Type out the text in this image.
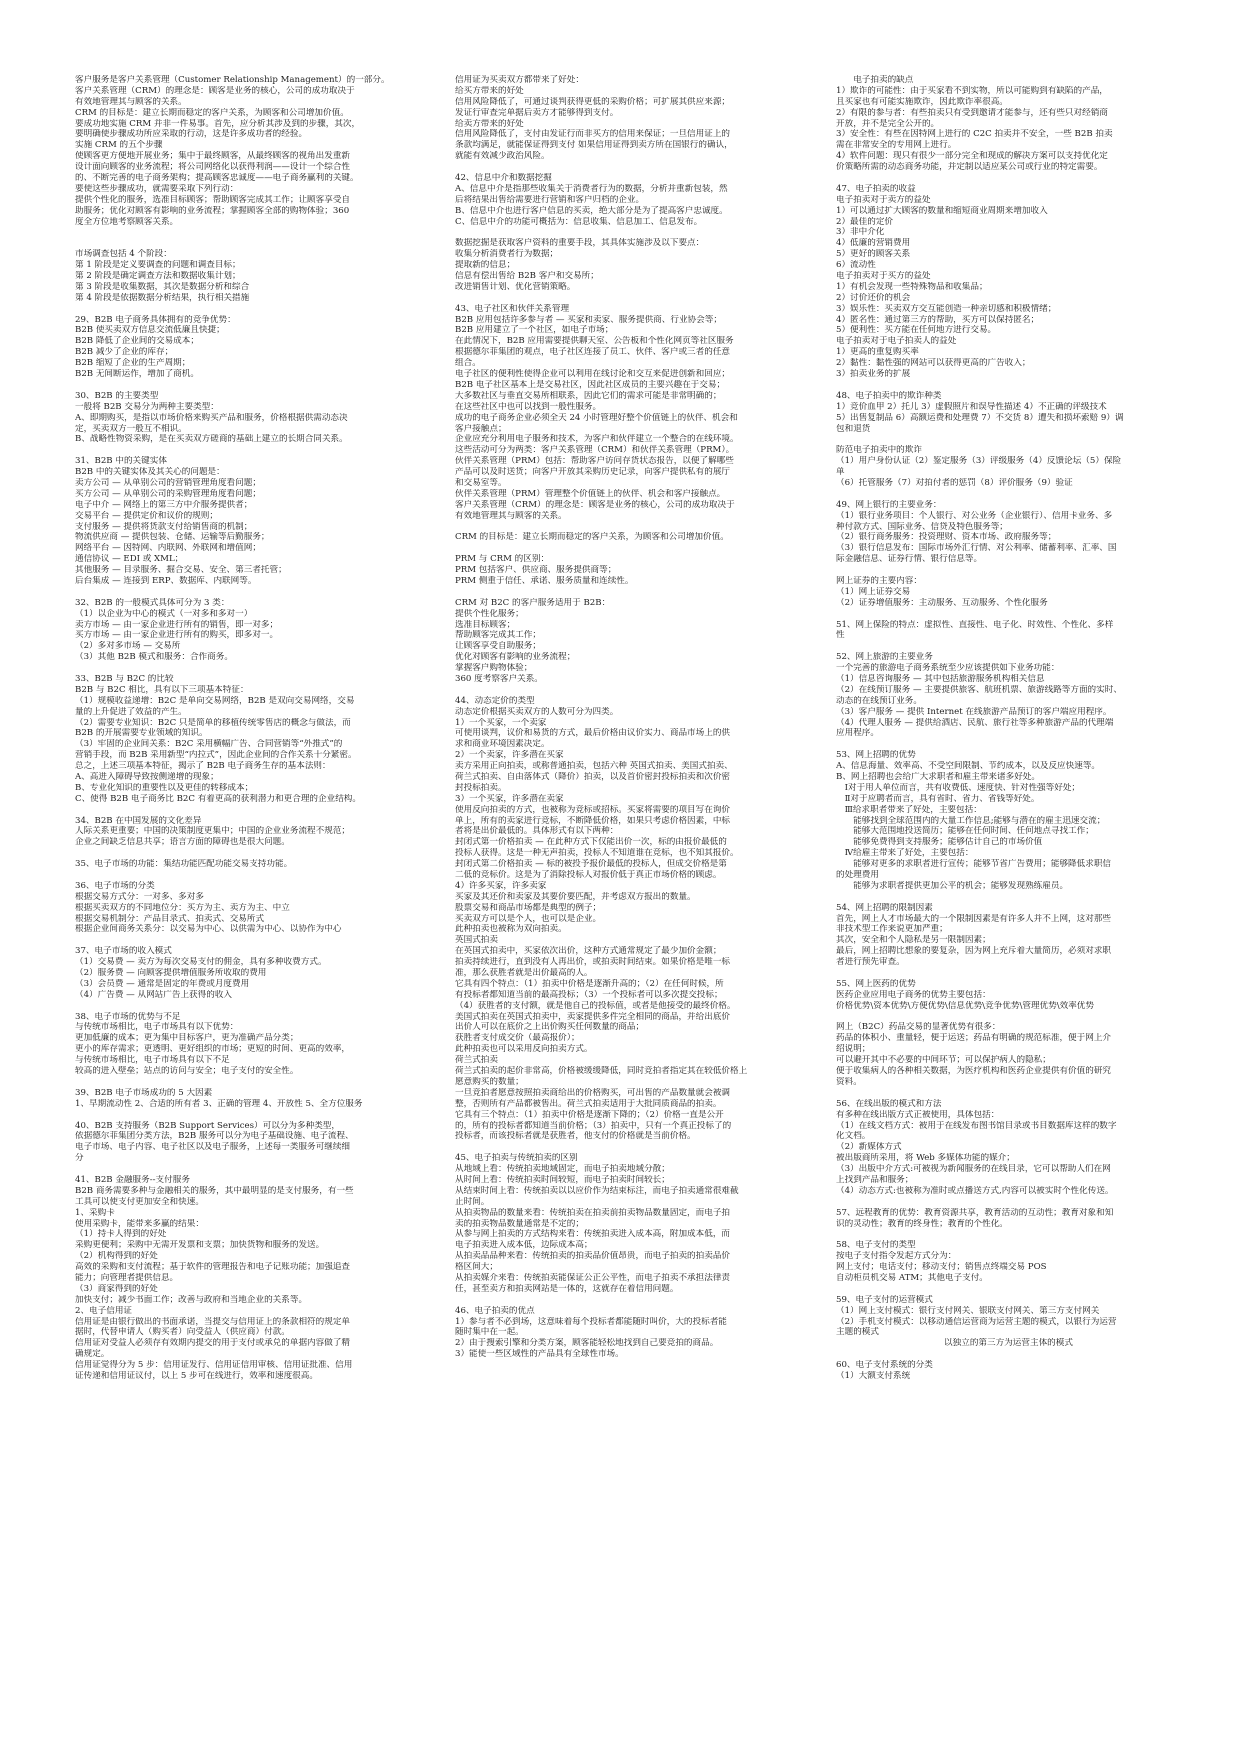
客户服务是客户关系管理（Customer Relationship Management）的一部分。
客户关系管理（CRM）的理念是：顾客是业务的核心，公司的成功取决于
有效地管理其与顾客的关系。
CRM 的目标是：建立长期而稳定的客户关系，为顾客和公司增加价值。
要成功地实施 CRM 并非一件易事。首先，应分析其涉及到的步骤，其次，
要明确使步骤成功所应采取的行动，这是许多成功者的经验。
实施 CRM 的五个步骤
使顾客更方便地开展业务；集中于最终顾客，从最终顾客的视角出发重新
设计面向顾客的业务流程；将公司网络化以获得利润——设计一个综合性
的、不断完善的电子商务架构；提高顾客忠诚度——电子商务赢利的关键。
要使这些步骤成功，就需要采取下列行动：
提供个性化的服务，选准目标顾客；帮助顾客完成其工作；让顾客享受自
助服务；优化对顾客有影响的业务流程；掌握顾客全部的购物体验；360
度全方位地考察顾客关系。
市场调查包括 4 个阶段：
第 1 阶段是定义要调查的问题和调查目标；
第 2 阶段是确定调查方法和数据收集计划；
第 3 阶段是收集数据，其次是数据分析和综合
第 4 阶段是依据数据分析结果，执行相关措施
29、B2B 电子商务具体拥有的竞争优势：
B2B 使买卖双方信息交流低廉且快捷；
B2B 降低了企业间的交易成本；
B2B 减少了企业的库存；
B2B 缩短了企业的生产周期；
B2B 无间断运作，增加了商机。
30、B2B 的主要类型
一般将 B2B 交易分为两种主要类型：
A、即期购买，是指以市场价格来购买产品和服务，价格根据供需动态决
定，买卖双方一般互不相识。
B、战略性物资采购，是在买卖双方磋商的基础上建立的长期合同关系。
31、B2B 中的关键实体
B2B 中的关键实体及其关心的问题是：
卖方公司 — 从单别公司的营销管理角度看问题；
买方公司 — 从单别公司的采购管理角度看问题；
电子中介 — 网络上的第三方中介服务提供者；
交易平台 — 提供定价和议价的规则；
支付服务 — 提供将货款支付给销售商的机制；
物流供应商 — 提供包装、仓储、运输等后勤服务；
网络平台 — 因特网、内联网、外联网和增值网；
通信协议 — EDI 或 XML；
其他服务 — 目录服务、掘合交易、安全、第三者托管；
后台集成 — 连接到 ERP、数据库、内联网等。
32、B2B 的一般模式具体可分为 3 类：
（1）以企业为中心的模式（一对多和多对一）
卖方市场 — 由一家企业进行所有的销售，即一对多；
买方市场 — 由一家企业进行所有的购买，即多对一。
（2）多对多市场 — 交易所
（3）其他 B2B 模式和服务：合作商务。
33、B2B 与 B2C 的比较
B2B 与 B2C 相比，具有以下三项基本特征：
（1）规模收益递增：B2C 是单向交易网络，B2B 是双向交易网络，交易
量的上升促进了效益的产生。
（2）需要专业知识：B2C 只是简单的移植传统零售店的概念与做法，而
B2B 的开展需要专业领域的知识。
（3）牢固的企业间关系：B2C 采用横幅广告、合同营销等“外推式”的
营销手段，而 B2B 采用新型“内拉式”，因此企业间的合作关系十分紧密。
总之，上述三项基本特征，揭示了 B2B 电子商务生存的基本法则：
A、高进入障碍导致按侧递增的现象；
B、专业化知识的重要性以及更佳的转移成本；
C、使得 B2B 电子商务比 B2C 有着更高的获利潜力和更合理的企业结构。
34、B2B 在中国发展的文化差异
人际关系更重要；中国的决策制度更集中；中国的企业业务流程不规范；
企业之间缺乏信息共享；语言方面的障碍也是很大问题。
35、电子市场的功能：集结功能匹配功能交易支持功能。
36、电子市场的分类
根据交易方式分：一对多、多对多
根据买卖双方的不同地位分：买方为主、卖方为主、中立
根据交易机制分：产品目录式、拍卖式、交易所式
根据企业间商务关系分：以交易为中心、以供需为中心、以协作为中心
37、电子市场的收入模式
（1）交易费 — 卖方为每次交易支付的佣金，具有多种收费方式。
（2）服务费 — 向顾客提供增值服务所收取的费用
（3）会员费 — 通常是固定的年费或月度费用
（4）广告费 — 从网站广告上获得的收入
38、电子市场的优势与不足
与传统市场相比，电子市场具有以下优势：
更加低廉的成本；更为集中目标客户，更为准确产品分类；
更小的库存需求；更透明、更好组织的市场；更短的时间、更高的效率，
与传统市场相比，电子市场具有以下不足
较高的进入壁垒；站点的访问与安全；电子支付的安全性。
39、B2B 电子市场成功的 5 大因素
1、早期流动性 2、合适的所有者 3、正确的管理 4、开放性 5、全方位服务
40、B2B 支持服务（B2B Support Services）可以分为多种类型，
依据德尔菲集团分类方法，B2B 服务可以分为电子基础设施、电子流程、
电子市场、电子内容、电子社区以及电子服务，上述每一类服务可继续细
分
41、B2B 金融服务--支付服务
B2B 商务需要多种与金融相关的服务，其中最明显的是支付服务，有一些
工具可以使支付更加安全和快速。
1、采购卡
使用采购卡，能带来多赢的结果：
（1）持卡人得到的好处
采购更便利；采购中无需开发票和支票；加快货物和服务的发送。
（2）机构得到的好处
高效的采购和支付流程；基于软件的管理报告和电子记账功能；加强追查
能力；向管理者提供信息。
（3）商家得到的好处
加快支付；减少书面工作；改善与政府和当地企业的关系等。
2、电子信用证
信用证是由银行做出的书面承诺，当提交与信用证上的条款相符的规定单
据时，代替申请人（购买者）向受益人（供应商）付款。
信用证对受益人必须存有效期内提交的用于支付或承兑的单据内容做了精
确规定。
信用证觉得分为 5 步：信用证发行、信用证信用审核、信用证批准、信用
证传递和信用证议付，以上 5 步可在线进行，效率和速度很高。
信用证为买卖双方都带来了好处：
给买方带来的好处
信用风险降低了，可通过谈判获得更低的采购价格；可扩展其供应来源；
发证行审查完单据后卖方才能够得到支付。
给卖方带来的好处
信用风险降低了，支付由发证行而非买方的信用来保证；一旦信用证上的
条款均满足，就能保证得到支付 如果信用证得到卖方所在国银行的确认，
就能有效减少政治风险。
42、信息中介和数据挖掘
A、信息中介是指那些收集关于消费者行为的数据，分析并重新包装，然
后将结果出售给需要进行营销和客户归档的企业。
B、信息中介也进行客户信息的买卖，绝大部分是为了提高客户忠诚度。
C、信息中介的功能可概括为：信息收集、信息加工、信息发布。
数据挖掘是获取客户资料的重要手段，其具体实施涉及以下要点：
收集分析消费者行为数据；
提取新的信息；
信息有偿出售给 B2B 客户和交易所；
改进销售计划、优化营销策略。
43、电子社区和伙伴关系管理
B2B 应用包括许多参与者 — 买家和卖家、服务提供商、行业协会等；
B2B 应用建立了一个社区，如电子市场；
在此情况下，B2B 应用需要提供聊天室、公告板和个性化网页等社区服务
根据德尔菲集团的观点，电子社区连接了员工、伙伴、客户或三者的任意
组合。
电子社区的便利性使得企业可以利用在线讨论和交互来促进创新和回应；
B2B 电子社区基本上是交易社区，因此社区成员的主要兴趣在于交易；
大多数社区与垂直交易所相联系，因此它们的需求可能是非常明确的；
在这些社区中也可以找到一般性服务。
成功的电子商务企业必须全天 24 小时管理好整个价值链上的伙伴、机会和
客户接触点；
企业应充分利用电子服务和技术，为客户和伙伴建立一个整合的在线环境。
这些活动可分为两类：客户关系管理（CRM）和伙伴关系管理（PRM）。
伙伴关系管理（PRM）包括：帮助客户访问存货状态报告，以便了解哪些
产品可以及时送货；向客户开放其采购历史记录，向客户提供私有的展厅
和交易室等。
伙伴关系管理（PRM）管理整个价值链上的伙伴、机会和客户接触点。
客户关系管理（CRM）的理念是：顾客是业务的核心，公司的成功取决于
有效地管理其与顾客的关系。
CRM 的目标是：建立长期而稳定的客户关系，为顾客和公司增加价值。
PRM 与 CRM 的区别：
PRM 包括客户、供应商、服务提供商等；
PRM 侧重于信任、承诺、服务质量和连续性。
CRM 对 B2C 的客户服务适用于 B2B：
提供个性化服务；
选准目标顾客；
帮助顾客完成其工作；
让顾客享受自助服务；
优化对顾客有影响的业务流程；
掌握客户购物体验；
360 度考察客户关系。
44、动态定价的类型
动态定价根据买卖双方的人数可分为四类。
1）一个买家，一个卖家
可使用谈判，议价和易货的方式，最后价格由议价实力、商品市场上的供
求和商业环境因素决定。
2）一个卖家，许多潜在买家
卖方采用正向拍卖，或称普通拍卖，包括六种 英国式拍卖、美国式拍卖、
荷兰式拍卖、自由落体式（降价）拍卖，以及首价密封投标拍卖和次价密
封投标拍卖。
3）一个买家，许多潜在卖家
使用反向拍卖的方式，也被称为竞标或招标。买家将需要的项目写在询价
单上，所有的卖家进行竞标，不断降低价格，如果只考虑价格因素，中标
者将是出价最低的。具体形式有以下两种：
封闭式第一价格拍卖 — 在此种方式下仅能出价一次，标的由报价最低的
投标人获得。这是一种无声拍卖，投标人不知道谁在竞标，也不知其报价。
封闭式第二价格拍卖 — 标的被投予报价最低的投标人，但成交价格是第
二低的竞标价。这是为了消除投标人对报价低于真正市场价格的顾虑。
4）许多买家，许多卖家
买家及其还价和卖家及其要价要匹配，并考虑双方报出的数量。
股票交易和商品市场都是典型的例子；
买卖双方可以是个人，也可以是企业。
此种拍卖也被称为双向拍卖。
英国式拍卖
在英国式拍卖中，买家依次出价，这种方式通常规定了最少加价金额；
拍卖持续进行，直到没有人再出价，或拍卖时间结束。如果价格是唯一标
准，那么获胜者就是出价最高的人。
它具有四个特点：（1）拍卖中价格是逐渐升高的；（2）在任何时候，所
有投标者都知道当前的最高投标；（3）一个投标者可以多次提交投标；
（4）获胜者的支付额，就是他自己的投标值，或者是他接受的最终价格。
美国式拍卖在英国式拍卖中，卖家提供多件完全相同的商品，并给出底价
出价人可以在底价之上出价购买任何数量的商品；
获胜者支付成交价（最高报价）；
此种拍卖也可以采用反向拍卖方式。
荷兰式拍卖
荷兰式拍卖的起价非常高，价格被缓缓降低，同时竞拍者指定其在较低价格上
愿意购买的数量；
一旦竞拍者愿意按照拍卖商给出的价格购买，可出售的产品数量就会被调
整，否则所有产品都被售出。荷兰式拍卖适用于大批同质商品的拍卖。
它具有三个特点：（1）拍卖中价格是逐渐下降的；（2）价格一直是公开
的，所有的投标者都知道当前价格；（3）拍卖中，只有一个真正投标了的
投标者，而该投标者就是获胜者，他支付的价格就是当前价格。
45、电子拍卖与传统拍卖的区别
从地域上看：传统拍卖地域固定，而电子拍卖地域分散；
从时间上看：传统拍卖时间较短，而电子拍卖时间较长；
从结束时间上看：传统拍卖以以应价作为结束标注，而电子拍卖通常很难截
止时间。
从拍卖物品的数量来看：传统拍卖在拍卖前拍卖物品数量固定，而电子拍
卖的拍卖物品数量通常是不定的；
从参与网上拍卖的方式结构来看：传统拍卖进入成本高，附加成本低，而
电子拍卖进入成本低，边际成本高；
从拍卖品品种来看：传统拍卖的拍卖品价值昂贵，而电子拍卖的拍卖品价
格区间大；
从拍卖媒介来看：传统拍卖能保证公正公平性，而电子拍卖不承担法律责
任，甚至卖方和拍卖网站是一体的，这就存在着信用问题。
46、电子拍卖的优点
1）参与者不必到场，这意味着每个投标者都能随时叫价，大的投标者能
随时集中在一起。
2）由于搜索引擎和分类方案，顾客能轻松地找到自己要竞拍的商品。
3）能使一些区域性的产品具有全球性市场。
　　电子拍卖的缺点
1）欺诈的可能性：由于买家看不到实物，所以可能购到有缺陷的产品，
且买家也有可能实施欺诈，因此欺诈率很高。
2）有限的参与者：有些拍卖只有受到邀请才能参与，还有些只对经销商
开放，并不是完全公开的。
3）安全性：有些在因特网上进行的 C2C 拍卖并不安全，一些 B2B 拍卖
需在非常安全的专用网上进行。
4）软件问题：现只有很少一部分完全和现成的解决方案可以支持优化定
价策略所需的动态商务功能，并定制以适应某公司或行业的特定需要。
47、电子拍卖的收益
电子拍卖对于卖方的益处
1）可以通过扩大顾客的数量和缩短商业周期来增加收入
2）最佳的定价
3）非中介化
4）低廉的营销费用
5）更好的顾客关系
6）流动性
电子拍卖对于买方的益处
1）有机会发现一些特殊物品和收集品；
2）讨价还价的机会
3）娱乐性：买卖双方交互能创造一种亲切感和积极情绪；
4）匿名性：通过第三方的帮助，买方可以保持匿名；
5）便利性：买方能在任何地方进行交易。
电子拍卖对于电子拍卖人的益处
1）更高的重复购买率
2）黏性：黏性强的网站可以获得更高的广告收入；
3）拍卖业务的扩展
48、电子拍卖中的欺诈种类
1）竞价血甲 2）托儿 3）虚假照片和误导性描述 4）不正确的评级技术
5）出售复制品 6）高额运费和处理费 7）不交货 8）遭失和损坏索赔 9）调
包和退货
防范电子拍卖中的欺诈
（1）用户身份认证（2）鉴定服务（3）评级服务（4）反馈论坛（5）保险
单
（6）托管服务（7）对拍付者的惩罚（8）评价服务（9）验证
49、网上银行的主要业务：
（1）银行业务项目：个人银行、对公业务（企业银行）、信用卡业务、多
种付款方式、国际业务、信贷及特色服务等；
（2）银行商务服务：投资理财、资本市场、政府服务等；
（3）银行信息发布：国际市场外汇行情、对公利率、储蓄利率、汇率、国
际金融信息、证券行情、银行信息等。
网上证券的主要内容：
（1）网上证券交易
（2）证券增值服务：主动服务、互动服务、个性化服务
51、网上保险的特点：虚拟性、直接性、电子化、时效性、个性化、多样
性
52、网上旅游的主要业务
一个完善的旅游电子商务系统至少应该提供如下业务功能：
（1）信息咨询服务 — 其中包括旅游服务机构相关信息
（2）在线预订服务 — 主要提供旅客、航班机票、旅游线路等方面的实时、
动态的在线预订业务。
（3）客户服务 — 提供 Internet 在线旅游产品预订的客户端应用程序。
（4）代理人服务 — 提供给酒店、民航、旅行社等多种旅游产品的代理端
应用程序。
53、网上招聘的优势
A、信息海量、效率高、不受空间限制、节约成本，以及反应快速等。
B、网上招聘也会给广大求职者和雇主带来诸多好处。
　Ⅰ对于用人单位而言，共有收费低、速度快、针对性强等好处；
　Ⅱ对于应聘者而言，具有省时、省力、省钱等好处。
　Ⅲ给求职者带来了好处，主要包括：
　　能够找到全球范围内的大量工作信息;能够与潜在的雇主迅速交流；
　　能够大范围地投送简历；能够在任何时间、任何地点寻找工作；
　　能够免费得到支持服务；能够估计自己的市场价值
　Ⅳ给雇主带来了好处，主要包括：
　　能够对更多的求职者进行宣传；能够节省广告费用；能够降低求职信
的处理费用
　　能够为求职者提供更加公平的机会；能够发现熟练雇员。
54、网上招聘的限制因素
首先，网上人才市场最大的一个限制因素是有许多人并不上网，这对那些
非技术型工作来说更加严重；
其次，安全和个人隐私是另一限制因素；
最后，网上招聘比想象的要复杂，因为网上充斥着大量简历，必须对求职
者进行预先审查。
55、网上医药的优势
医药企业应用电子商务的优势主要包括：
价格优势\资本优势\方便优势\信息优势\竞争优势\管理优势\效率优势
网上（B2C）药品交易的显著优势有很多：
药品的体积小、重量轻，便于运送；药品有明确的规范标准，便于网上介
绍说明；
可以避开其中不必要的中间环节；可以保护病人的隐私；
便于收集病人的各种相关数据，为医疗机构和医药企业提供有价值的研究
资料。
56、在线出版的模式和方法
有多种在线出版方式正被使用，具体包括：
（1）在线文档方式：被用于在线发布图书馆目录或书目数据库这样的数字
化文档。
（2）新媒体方式
被出版商所采用，将 Web 多媒体功能的媒介；
（3）出版中介方式:可被视为新闻服务的在线目录，它可以帮助人们在网
上找到产品和服务；
（4）动态方式:也被称为准时或点播送方式,内容可以被实时个性化传送。
57、远程教育的优势：教育资源共享，教育活动的互动性；教育对象和知
识的灵动性；教育的终身性；教育的个性化。
58、电子支付的类型
按电子支付指令发起方式分为：
网上支付；电话支付；移动支付；销售点终端交易 POS
自动柜员机交易 ATM；其他电子支付。
59、电子支付的运营模式
（1）网上支付模式：银行支付网关、银联支付网关、第三方支付网关
（2）手机支付模式：以移动通信运营商为运营主题的模式，以银行为运营
主题的模式
以独立的第三方为运营主体的模式
60、电子支付系统的分类
（1）大额支付系统
